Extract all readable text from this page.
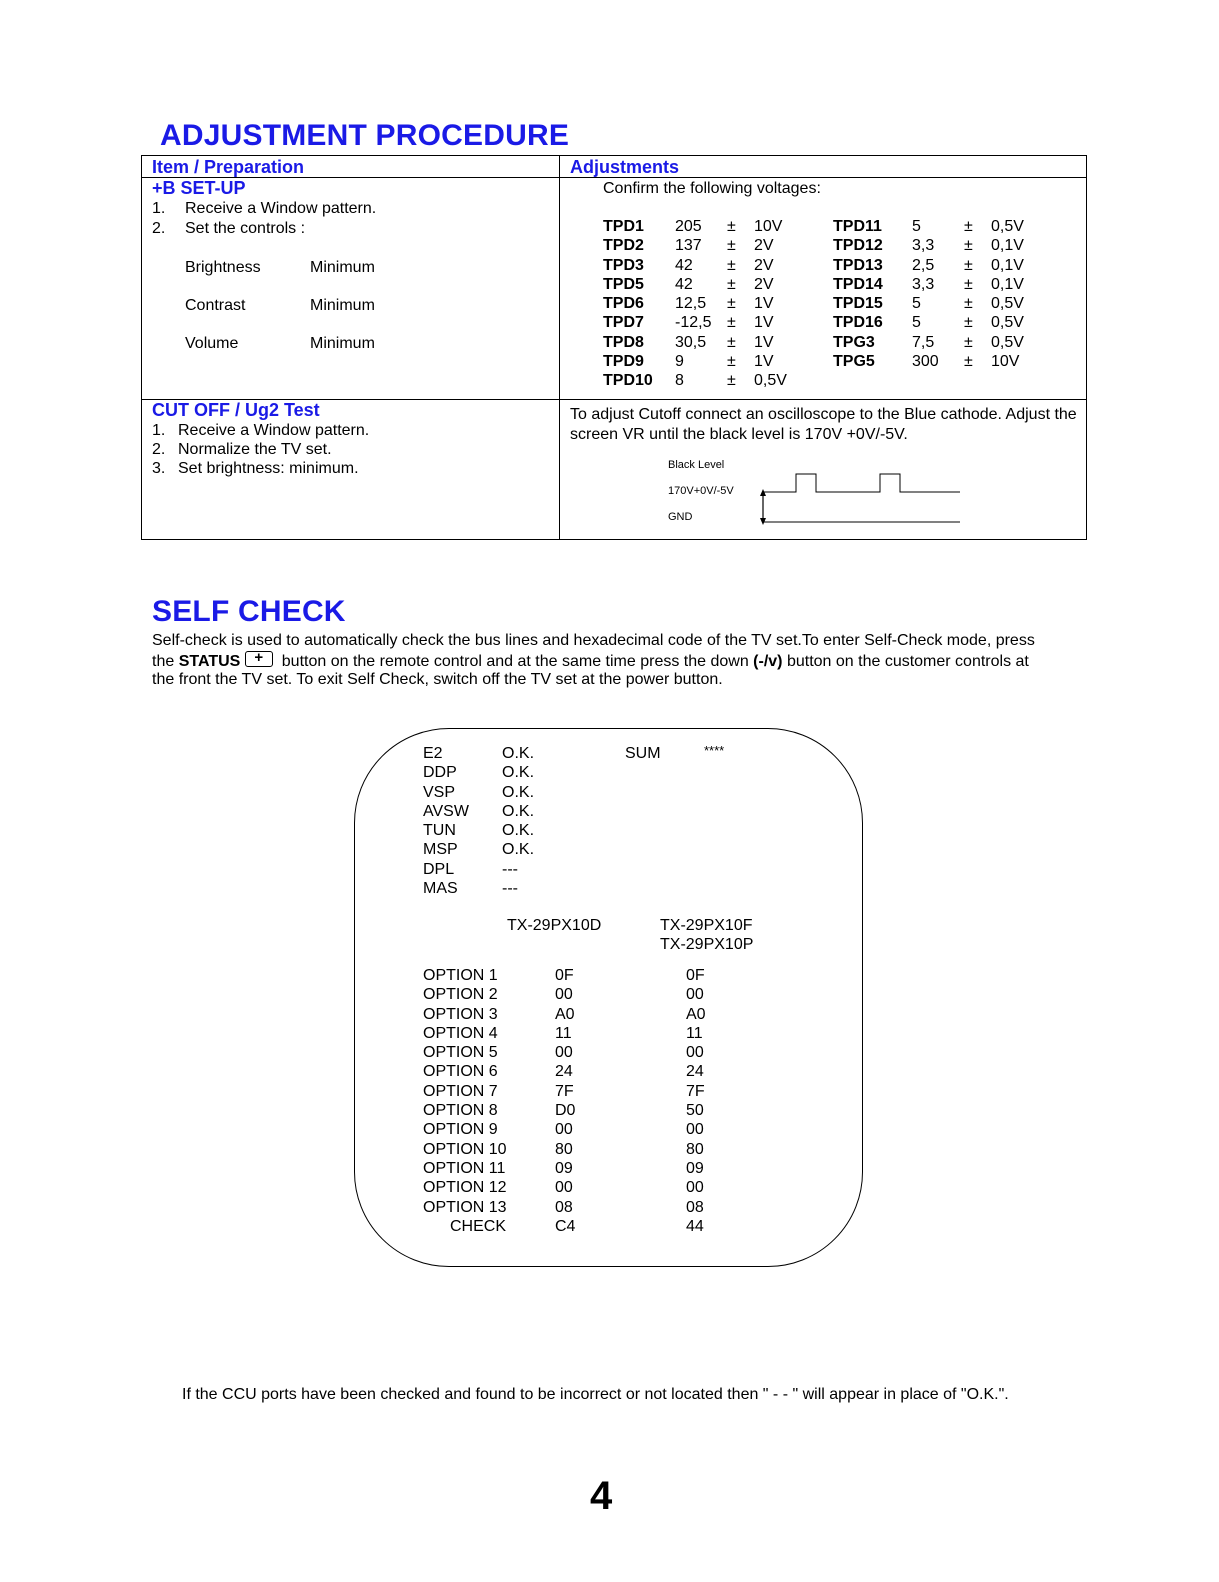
ADJUSTMENT PROCEDURE
Item / Preparation	Adjustments
+B SET-UP
1. Receive a Window pattern.
2. Set the controls :
Brightness	Minimum
Contrast	Minimum
Volume	Minimum
Confirm the following voltages:
TPD1 205 ± 10V
TPD2 137 ± 2V
TPD3 42 ± 2V
TPD5 42 ± 2V
TPD6 12,5 ± 1V
TPD7 -12,5 ± 1V
TPD8 30,5 ± 1V
TPD9 9	± 1V
TPD10 8	± 0,5V
TPD11 5	± 0,5V
TPD12 3,3 ± 0,1V
TPD13 2,5 ± 0,1V
TPD14 3,3 ± 0,1V
TPD15 5	± 0,5V
TPD16 5	± 0,5V
TPG3 7,5 ± 0,5V
TPG5 300 ± 10V
CUT OFF / Ug2 Test
1. Receive a Window pattern.
2. Normalize the TV set.
3. Set brightness: minimum.
To adjust Cutoff connect an oscilloscope to the Blue cathode. Adjust the screen VR until the black level is 170V +0V/-5V.
Black Level
170V+0V/-5V
GND
SELF CHECK
Self-check is used to automatically check the bus lines and hexadecimal code of the TV set.To enter Self-Check mode, press
the STATUS + button on the remote control and at the same time press the down (-/v) button on the customer controls at
the front the TV set. To exit Self Check, switch off the TV set at the power button.
SUM	****
E2	O.K.
DDP	O.K.
VSP	O.K.
AVSW O.K.
TUN	O.K.
MSP	O.K.
DPL	---
MAS	---
TX-29PX10D	TX-29PX10F
TX-29PX10P
OPTION 1	0F	0F
OPTION 2	00	00
OPTION 3	A0	A0
OPTION 4	11	11
OPTION 5	00	00
OPTION 6	24	24
OPTION 7	7F	7F
OPTION 8	D0	50
OPTION 9	00	00
OPTION 10	80	80
OPTION 11	09	09
OPTION 12	00	00
OPTION 13	08	08
CHECK	C4	44
If the CCU ports have been checked and found to be incorrect or not located then " - - " will appear in place of "O.K.".
4
